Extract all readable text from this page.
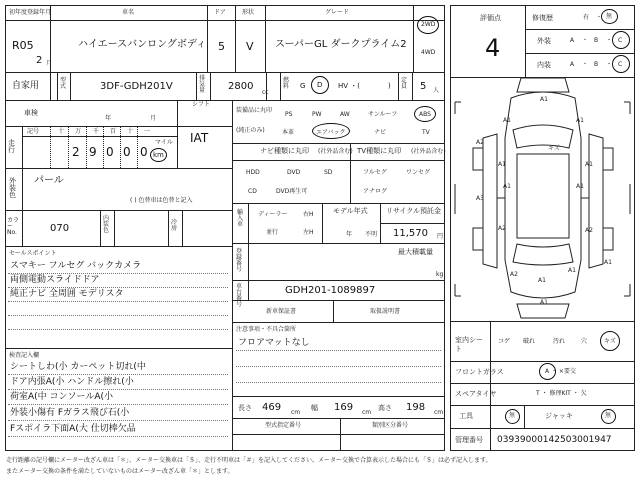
初年度登録年月	車名	ドア	形状	グレード
R05
2 月
ハイエースバンロングボディ 5 V スーパーGL ダークプライム2
2WD
4WD
自家用
型式	3DF-GDH201V
排気量 2800
cc
燃料 G D HV ・(	)
定員 5 人
車検
年	月
シフト
IAT
走行
記号	十 万 千 百 十 一
2 9 0 0 0
マイル
km
外装色
パール
( ) 色替車は色替と記入
カラーNo.	070
内装色
冷房
セールスポイント
スマキー フルセグ バックカメラ
両側電動スライドドア
純正ナビ 全周囲 モデリスタ
検査記入欄
シートしわ(小 カーペット切れ(中
ドア内張A(小 ハンドル擦れ(小
荷室A(中 コンソールA(小
外装小傷有 Fガラス飛び石(小
Fスポイラ下面A(大 仕切棒欠品
装備品に丸印
(純正のみ)
PS	PW	AW	サンルーフ	ABS
本革	エアバック	ナビ	TV
ナビ種類に丸印 (社外品含む)
HDD	DVD	SD
CD	DVD再生可
TV種類に丸印 (社外品含む)
フルセグ	ワンセグ
アナログ
輸入車
ディーラー
並行
右H
左H
モデル年式
年 不明
リサイクル預託金
11,570 円
最大積載量
kg
登録番号
車台番号
GDH201-1089897
新車保証書	取扱説明書
注意事項・不具合箇所
フロアマットなし
長さ 469 cm
幅 169 cm
高さ 198 cm
型式指定番号	類別区分番号
評価点
4
修復歴	有 ・ 無
外装	A ・ B ・ C
内装	A ・ B ・ C
A1
A1	A1
A2
A3
A1	A1
A1
A2
A1
A2
A2
A1
A1
A1
キズ
A1
室内シート
コゲ 破れ	汚れ	穴	キズ
フロントガラス	A ・ ×要交
スペアタイヤ	T ・ 修理KIT ・ 欠
工具	無	ジャッキ	無
管理番号 03939000142503001947
走行距離の記号欄にメーター改ざん車は「＊」、メーター交換車は「＄」、走行不明車は「＃」を記入してください。メーター交換で合算表示した場合にも「＄」は必ず記入します。
またメーター交換の条件を満たしていないものはメーター改ざん車「＊」とします。
